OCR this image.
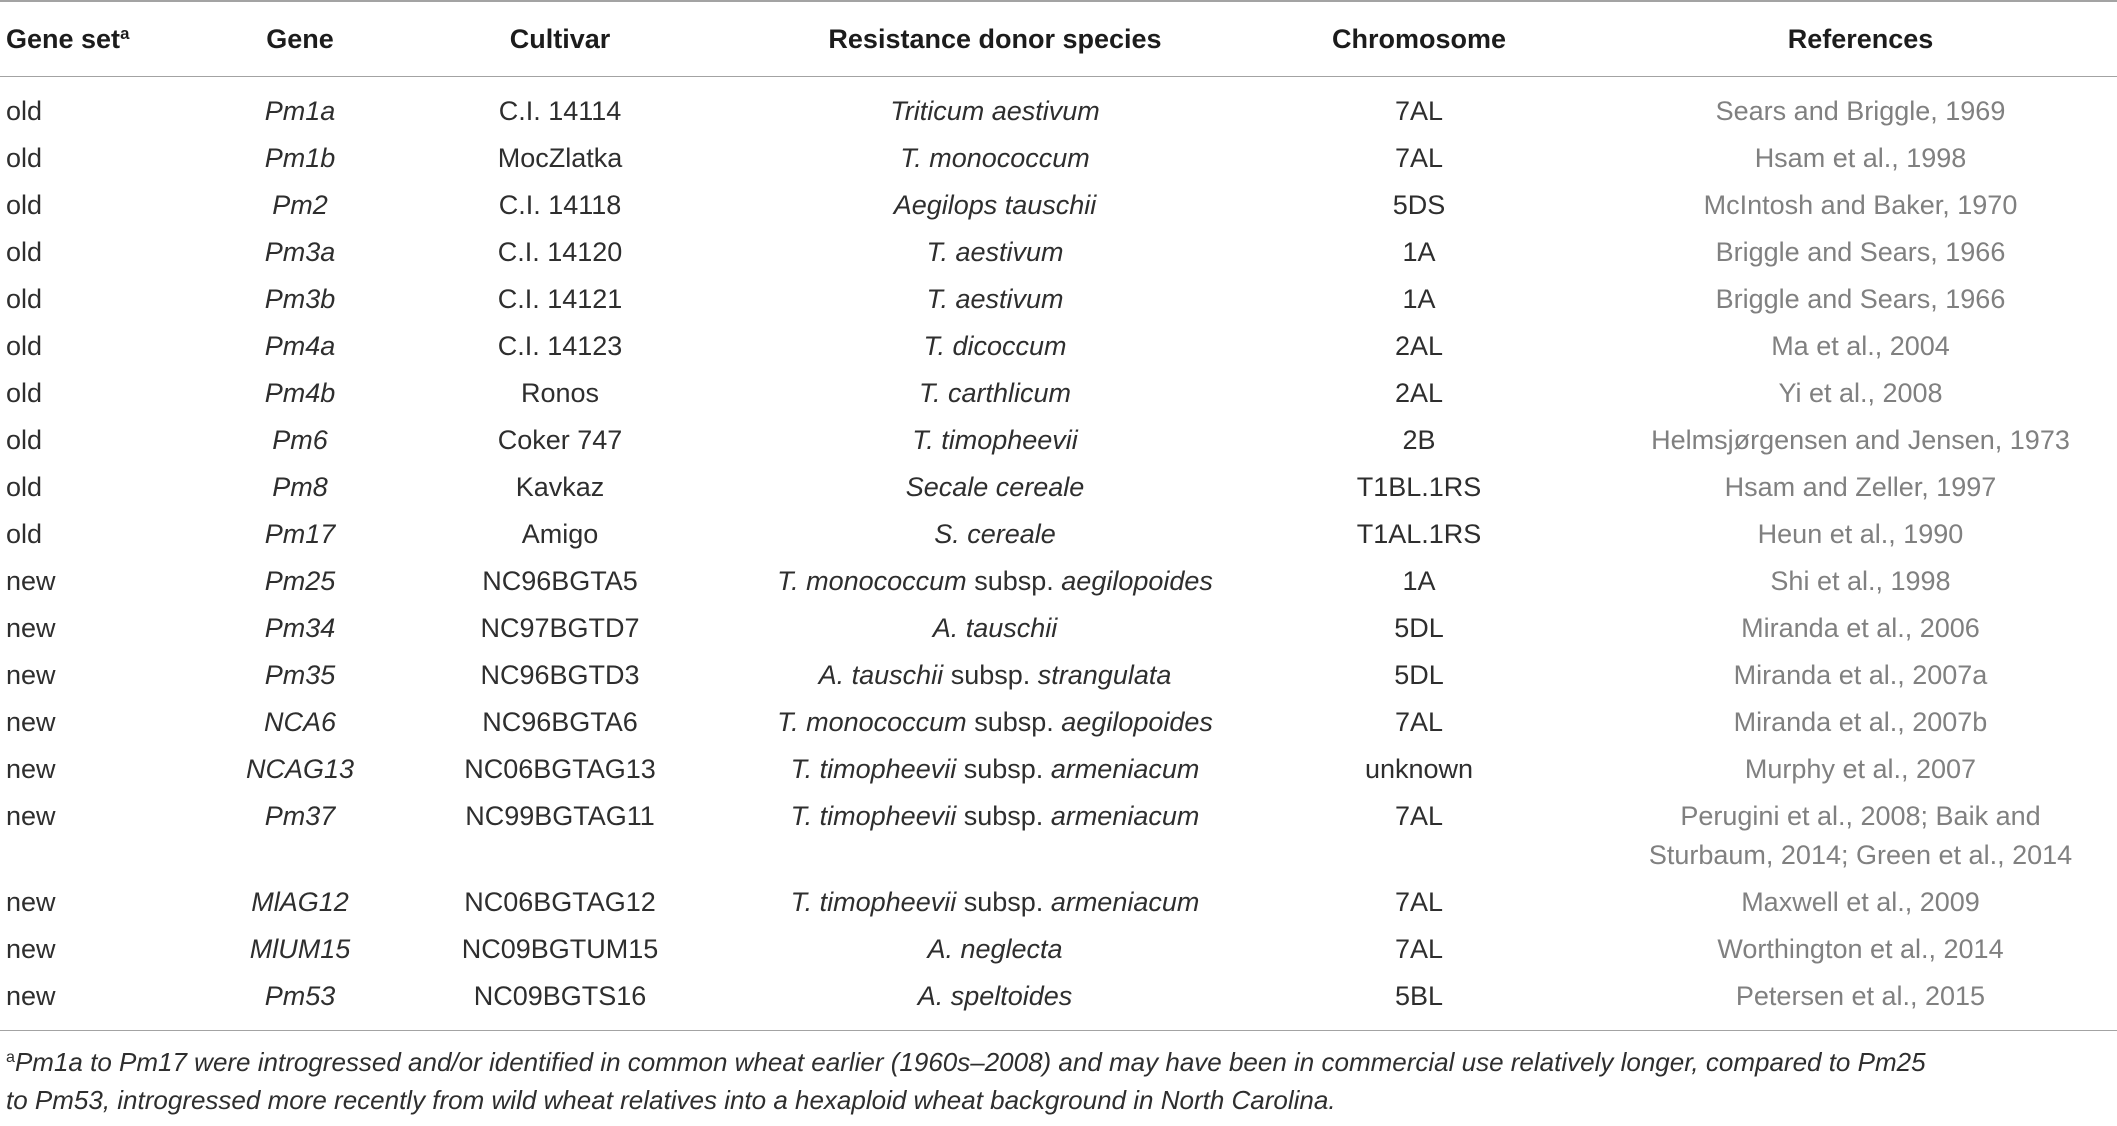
Gene set$^a$	Gene	Cultivar	Resistance donor species	Chromosome	References
old	Pm1a	C.I. 14114	Triticum aestivum	7AL	Sears and Briggle, 1969
old	Pm1b	MocZlatka	T. monococcum	7AL	Hsam et al., 1998
old	Pm2	C.I. 14118	Aegilops tauschii	5DS	McIntosh and Baker, 1970
old	Pm3a	C.I. 14120	T. aestivum	1A	Briggle and Sears, 1966
old	Pm3b	C.I. 14121	T. aestivum	1A	Briggle and Sears, 1966
old	Pm4a	C.I. 14123	T. dicoccum	2AL	Ma et al., 2004
old	Pm4b	Ronos	T. carthlicum	2AL	Yi et al., 2008
old	Pm6	Coker 747	T. timopheevii	2B	Helmsjørgensen and Jensen, 1973
old	Pm8	Kavkaz	Secale cereale	T1BL.1RS	Hsam and Zeller, 1997
old	Pm17	Amigo	S. cereale	T1AL.1RS	Heun et al., 1990
new	Pm25	NC96BGTA5	T. monococcum subsp. aegilopoides	1A	Shi et al., 1998
new	Pm34	NC97BGTD7	A. tauschii	5DL	Miranda et al., 2006
new	Pm35	NC96BGTD3	A. tauschii subsp. strangulata	5DL	Miranda et al., 2007a
new	NCA6	NC96BGTA6	T. monococcum subsp. aegilopoides	7AL	Miranda et al., 2007b
new	NCAG13	NC06BGTAG13	T. timopheevii subsp. armeniacum	unknown	Murphy et al., 2007
new	Pm37	NC99BGTAG11	T. timopheevii subsp. armeniacum	7AL	Perugini et al., 2008; Baik and
Sturbaum, 2014; Green et al., 2014
new	MlAG12	NC06BGTAG12	T. timopheevii subsp. armeniacum	7AL	Maxwell et al., 2009
new	MlUM15	NC09BGTUM15	A. neglecta	7AL	Worthington et al., 2014
new	Pm53	NC09BGTS16	A. speltoides	5BL	Petersen et al., 2015
$^a$Pm1a to Pm17 were introgressed and/or identified in common wheat earlier (1960s–2008) and may have been in commercial use relatively longer, compared to Pm25
to Pm53, introgressed more recently from wild wheat relatives into a hexaploid wheat background in North Carolina.
